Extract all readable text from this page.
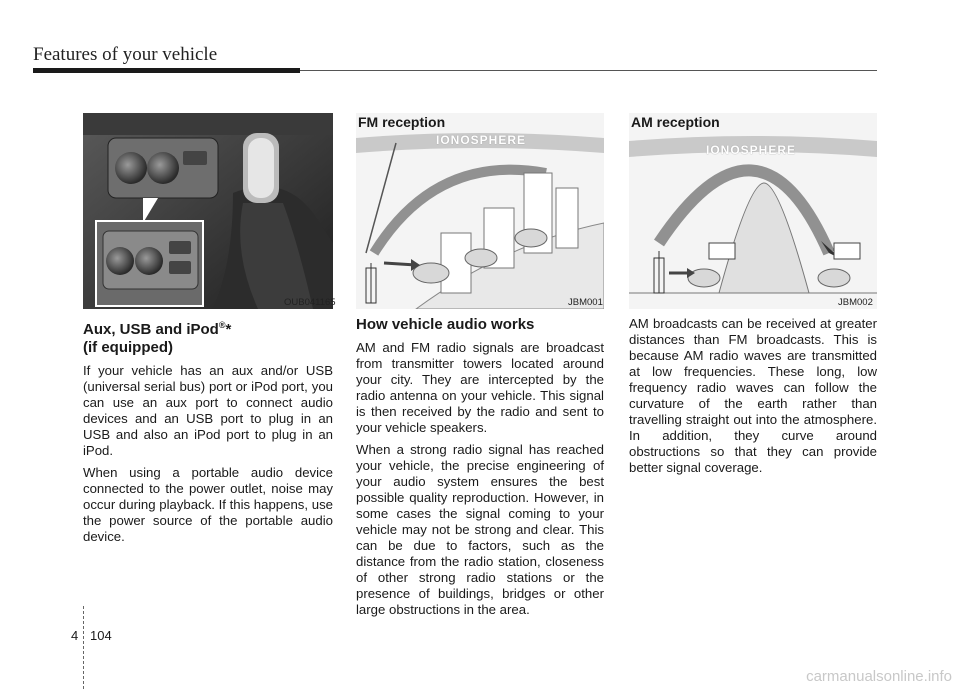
Features of your vehicle
OUB041165
FM reception
IONOSPHERE
JBM001
AM reception
IONOSPHERE
JBM002
Aux, USB and iPod®*
(if equipped)

If your vehicle has an aux and/or USB (universal serial bus) port or iPod port, you can use an aux port to connect audio devices and an USB port to plug in an USB and also an iPod port to plug in an iPod.

When using a portable audio device connected to the power outlet, noise may occur during playback. If this happens, use the power source of the portable audio device.

How vehicle audio works

AM and FM radio signals are broadcast from transmitter towers located around your city. They are intercepted by the radio antenna on your vehicle. This signal is then received by the radio and sent to your vehicle speakers.

When a strong radio signal has reached your vehicle, the precise engineering of your audio system ensures the best possible quality reproduction. However, in some cases the signal coming to your vehicle may not be strong and clear. This can be due to factors, such as the distance from the radio station, closeness of other strong radio stations or the presence of buildings, bridges or other large obstructions in the area.

AM broadcasts can be received at greater distances than FM broadcasts. This is because AM radio waves are transmitted at low frequencies. These long, low frequency radio waves can follow the curvature of the earth rather than travelling straight out into the atmosphere. In addition, they curve around obstructions so that they can provide better signal coverage.

4 104
carmanualsonline.info
